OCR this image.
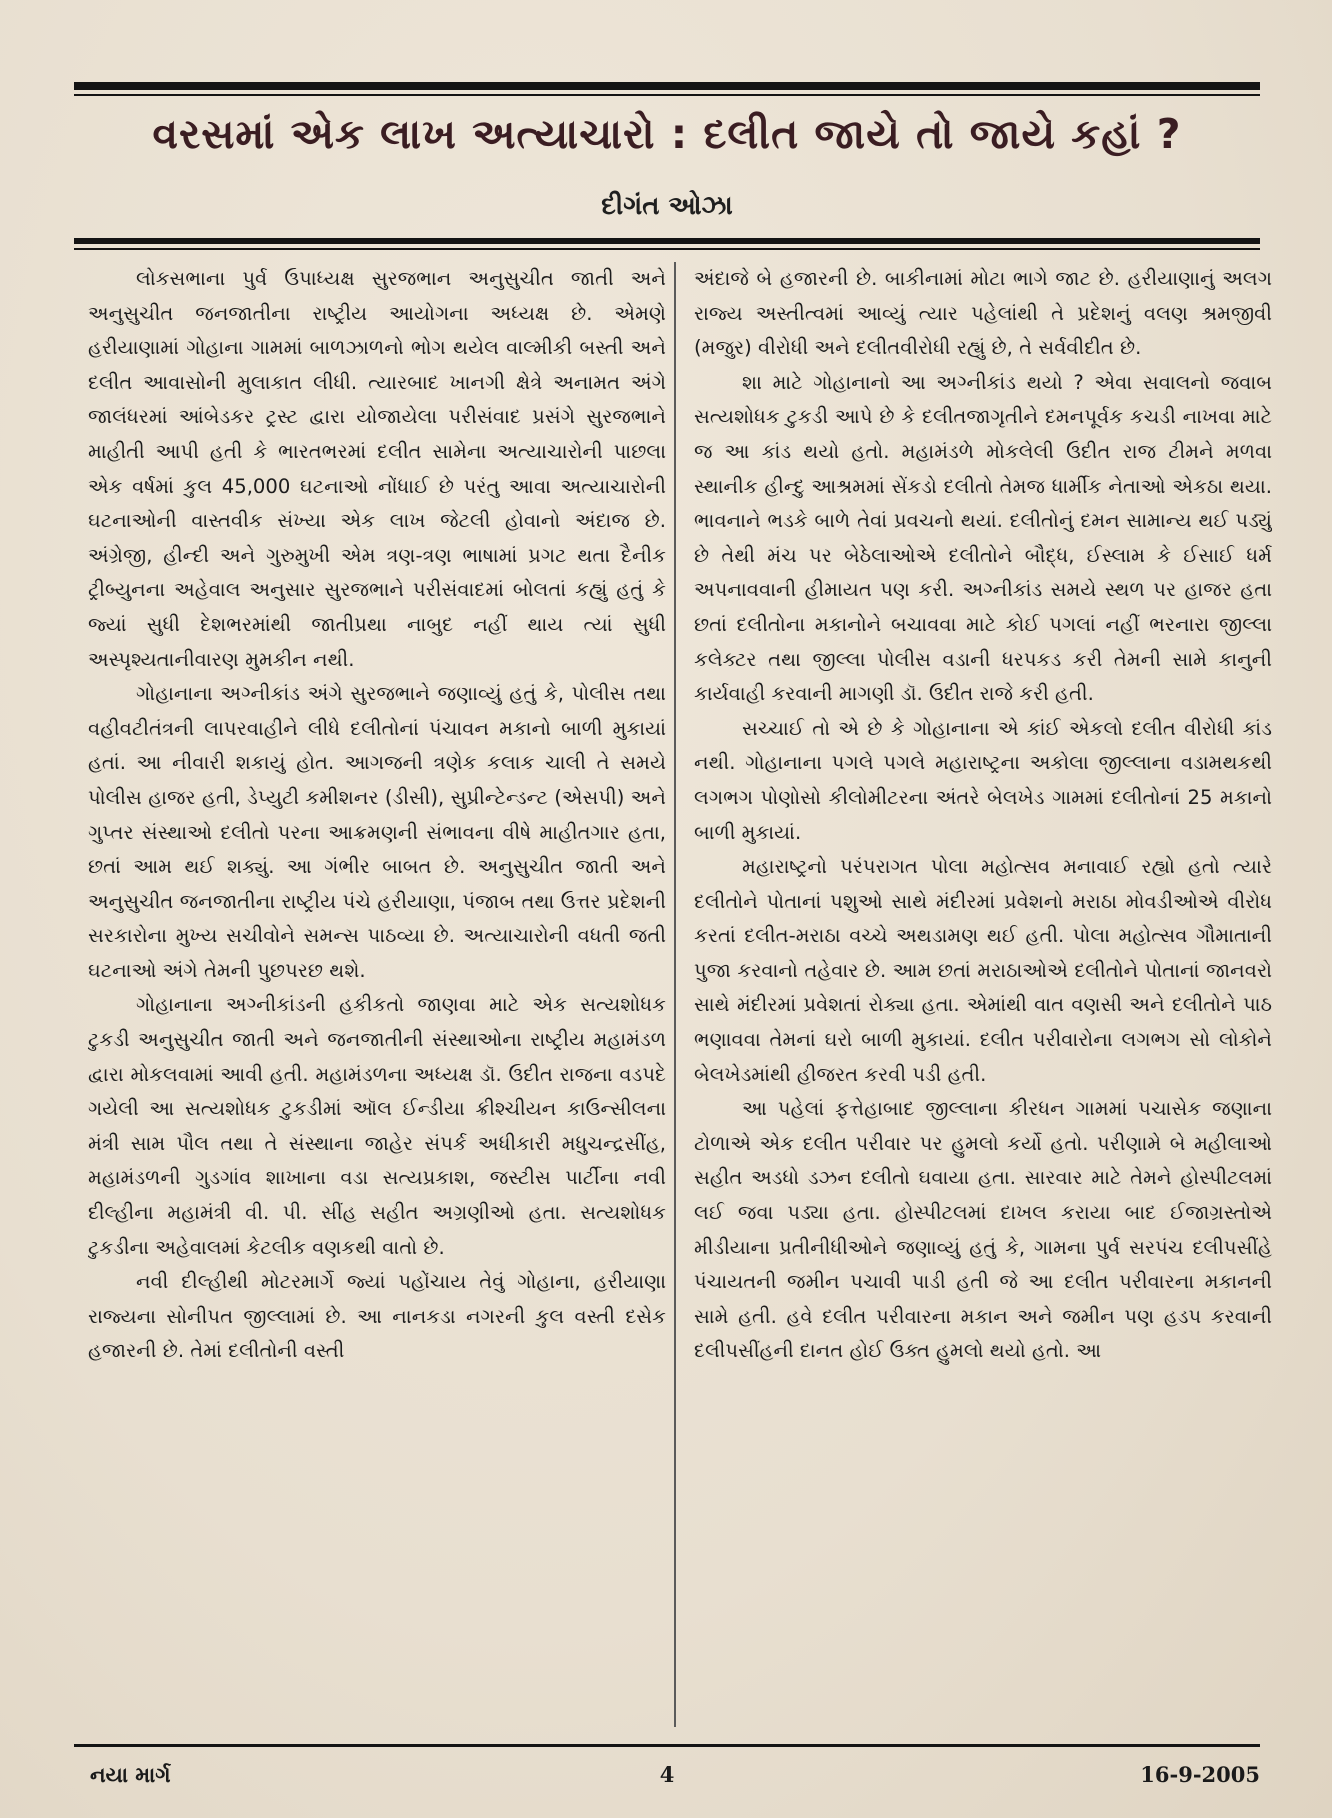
વરસમાં એક લાખ અત્યાચારો : દલીત જાયે તો જાયે કહાં ?
દીગંત ઓઝા

લોકસભાના પુર્વ ઉપાધ્યક્ષ સુરજભાન અનુસુચીત જાતી અને અનુસુચીત જનજાતીના રાષ્ટ્રીય આયોગના અધ્યક્ષ છે. એમણે હરીયાણામાં ગોહાના ગામમાં બાળઝાળનો ભોગ થયેલ વાલ્મીકી બસ્તી અને દલીત આવાસોની મુલાકાત લીધી. ત્યારબાદ ખાનગી ક્ષેત્રે અનામત અંગે જાલંધરમાં આંબેડકર ટ્રસ્ટ દ્વારા યોજાયેલા પરીસંવાદ પ્રસંગે સુરજભાને માહીતી આપી હતી કે ભારતભરમાં દલીત સામેના અત્યાચારોની પાછલા એક વર્ષમાં કુલ 45,000 ઘટનાઓ નોંધાઈ છે પરંતુ આવા અત્યાચારોની ઘટનાઓની વાસ્તવીક સંખ્યા એક લાખ જેટલી હોવાનો અંદાજ છે. અંગ્રેજી, હીન્દી અને ગુરુમુખી એમ ત્રણ-ત્રણ ભાષામાં પ્રગટ થતા દૈનીક ટ્રીબ્યુનના અહેવાલ અનુસાર સુરજભાને પરીસંવાદમાં બોલતાં કહ્યું હતું કે જ્યાં સુધી દેશભરમાંથી જાતીપ્રથા નાબુદ નહીં થાય ત્યાં સુધી અસ્પૃશ્યતાનીવારણ મુમકીન નથી.

ગોહાનાના અગ્નીકાંડ અંગે સુરજભાને જણાવ્યું હતું કે, પોલીસ તથા વહીવટીતંત્રની લાપરવાહીને લીધે દલીતોનાં પંચાવન મકાનો બાળી મુકાયાં હતાં. આ નીવારી શકાયું હોત. આગજની ત્રણેક કલાક ચાલી તે સમયે પોલીસ હાજર હતી, ડેપ્યુટી કમીશનર (ડીસી), સુપ્રીન્ટેન્ડન્ટ (એસપી) અને ગુપ્તર સંસ્થાઓ દલીતો પરના આક્રમણની સંભાવના વીષે માહીતગાર હતા, છતાં આમ થઈ શક્યું. આ ગંભીર બાબત છે. અનુસુચીત જાતી અને અનુસુચીત જનજાતીના રાષ્ટ્રીય પંચે હરીયાણા, પંજાબ તથા ઉત્તર પ્રદેશની સરકારોના મુખ્ય સચીવોને સમન્સ પાઠવ્યા છે. અત્યાચારોની વધતી જતી ઘટનાઓ અંગે તેમની પુછપરછ થશે.

ગોહાનાના અગ્નીકાંડની હકીકતો જાણવા માટે એક સત્યશોધક ટુકડી અનુસુચીત જાતી અને જનજાતીની સંસ્થાઓના રાષ્ટ્રીય મહામંડળ દ્વારા મોકલવામાં આવી હતી. મહામંડળના અધ્યક્ષ ડૉ. ઉદીત રાજના વડપદે ગયેલી આ સત્યશોધક ટુકડીમાં ઑલ ઈન્ડીયા ક્રીશ્ચીયન કાઉન્સીલના મંત્રી સામ પૌલ તથા તે સંસ્થાના જાહેર સંપર્ક અધીકારી મધુચન્દ્રસીંહ, મહામંડળની ગુડગાંવ શાખાના વડા સત્યપ્રકાશ, જસ્ટીસ પાર્ટીના નવી દીલ્હીના મહામંત્રી વી. પી. સીંહ સહીત અગ્રણીઓ હતા. સત્યશોધક ટુકડીના અહેવાલમાં કેટલીક વણકથી વાતો છે.

નવી દીલ્હીથી મોટરમાર્ગે જ્યાં પહોંચાય તેવું ગોહાના, હરીયાણા રાજ્યના સોનીપત જીલ્લામાં છે. આ નાનકડા નગરની કુલ વસ્તી દસેક હજારની છે. તેમાં દલીતોની વસ્તી

અંદાજે બે હજારની છે. બાકીનામાં મોટા ભાગે જાટ છે. હરીયાણાનું અલગ રાજ્ય અસ્તીત્વમાં આવ્યું ત્યાર પહેલાંથી તે પ્રદેશનું વલણ શ્રમજીવી (મજુર) વીરોધી અને દલીતવીરોધી રહ્યું છે, તે સર્વવીદીત છે.

શા માટે ગોહાનાનો આ અગ્નીકાંડ થયો ? એવા સવાલનો જવાબ સત્યશોધક ટુકડી આપે છે કે દલીતજાગૃતીને દમનપૂર્વક કચડી નાખવા માટે જ આ કાંડ થયો હતો. મહામંડળે મોકલેલી ઉદીત રાજ ટીમને મળવા સ્થાનીક હીન્દુ આશ્રમમાં સેંકડો દલીતો તેમજ ધાર્મીક નેતાઓ એકઠા થયા. ભાવનાને ભડકે બાળે તેવાં પ્રવચનો થયાં. દલીતોનું દમન સામાન્ય થઈ પડ્યું છે તેથી મંચ પર બેઠેલાઓએ દલીતોને બૌદ્ધ, ઈસ્લામ કે ઈસાઈ ધર્મ અપનાવવાની હીમાયત પણ કરી. અગ્નીકાંડ સમયે સ્થળ પર હાજર હતા છતાં દલીતોના મકાનોને બચાવવા માટે કોઈ પગલાં નહીં ભરનારા જીલ્લા કલેક્ટર તથા જીલ્લા પોલીસ વડાની ધરપકડ કરી તેમની સામે કાનુની કાર્યવાહી કરવાની માગણી ડૉ. ઉદીત રાજે કરી હતી.

સચ્ચાઈ તો એ છે કે ગોહાનાના એ કાંઈ એકલો દલીત વીરોધી કાંડ નથી. ગોહાનાના પગલે પગલે મહારાષ્ટ્રના અકોલા જીલ્લાના વડામથકથી લગભગ પોણોસો કીલોમીટરના અંતરે બેલખેડ ગામમાં દલીતોનાં 25 મકાનો બાળી મુકાયાં.

મહારાષ્ટ્રનો પરંપરાગત પોલા મહોત્સવ મનાવાઈ રહ્યો હતો ત્યારે દલીતોને પોતાનાં પશુઓ સાથે મંદીરમાં પ્રવેશનો મરાઠા મોવડીઓએ વીરોધ કરતાં દલીત-મરાઠા વચ્ચે અથડામણ થઈ હતી. પોલા મહોત્સવ ગૌમાતાની પુજા કરવાનો તહેવાર છે. આમ છતાં મરાઠાઓએ દલીતોને પોતાનાં જાનવરો સાથે મંદીરમાં પ્રવેશતાં રોક્યા હતા. એમાંથી વાત વણસી અને દલીતોને પાઠ ભણાવવા તેમનાં ઘરો બાળી મુકાયાં. દલીત પરીવારોના લગભગ સો લોકોને બેલખેડમાંથી હીજરત કરવી પડી હતી.

આ પહેલાં ફત્તેહાબાદ જીલ્લાના કીરધન ગામમાં પચાસેક જણાના ટોળાએ એક દલીત પરીવાર પર હુમલો કર્યો હતો. પરીણામે બે મહીલાઓ સહીત અડધો ડઝન દલીતો ઘવાયા હતા. સારવાર માટે તેમને હોસ્પીટલમાં લઈ જવા પડ્યા હતા. હોસ્પીટલમાં દાખલ કરાયા બાદ ઈજાગ્રસ્તોએ મીડીયાના પ્રતીનીધીઓને જણાવ્યું હતું કે, ગામના પુર્વ સરપંચ દલીપસીંહે પંચાયતની જમીન પચાવી પાડી હતી જે આ દલીત પરીવારના મકાનની સામે હતી. હવે દલીત પરીવારના મકાન અને જમીન પણ હડપ કરવાની દલીપસીંહની દાનત હોઈ ઉક્ત હુમલો થયો હતો. આ

નયા માર્ગ	4	16-9-2005
